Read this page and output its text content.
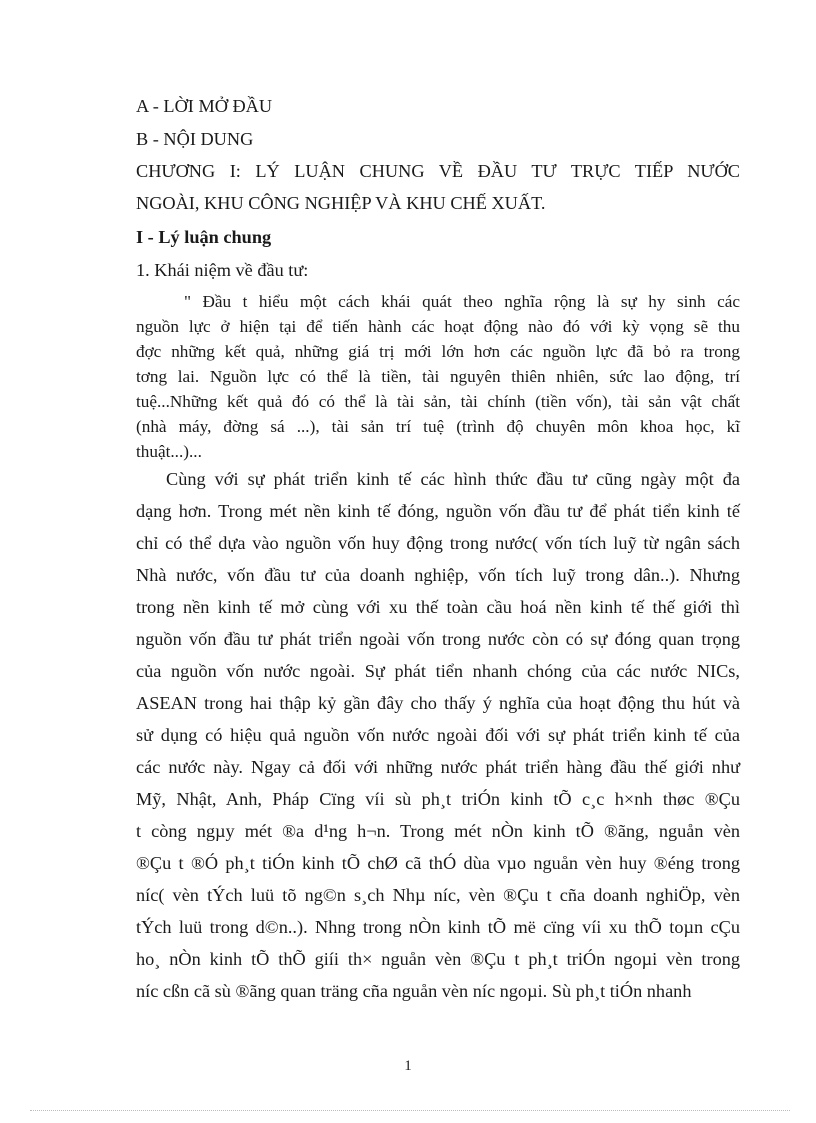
A - LỜI MỞ ĐẦU
B - NỘI DUNG
CHƯƠNG I: LÝ LUẬN CHUNG VỀ ĐẦU TƯ TRỰC TIẾP NƯỚC
NGOÀI, KHU CÔNG NGHIỆP VÀ KHU CHẾ XUẤT.
I - Lý luận chung
1. Khái niệm về đầu tư:
" Đầu t hiểu một cách khái quát theo nghĩa rộng là sự hy sinh các
nguồn lực ở hiện tại để tiến hành các hoạt động nào đó với kỳ vọng sẽ thu
đợc những kết quả, những giá trị mới lớn hơn các nguồn lực đã bỏ ra trong
tơng lai. Nguồn lực có thể là tiền, tài nguyên thiên nhiên, sức lao động, trí
tuệ...Những kết quả đó có thể là tài sản, tài chính (tiền vốn), tài sản vật chất
(nhà máy, đờng sá ...), tài sản trí tuệ (trình độ chuyên môn khoa học, kĩ
thuật...)...
Cùng với sự phát triển kinh tế các hình thức đầu tư cũng ngày một đa
dạng hơn. Trong mét nền kinh tế đóng, nguồn vốn đầu tư để phát tiển kinh tế
chỉ có thể dựa vào nguồn vốn huy động trong nước( vốn tích luỹ từ ngân sách
Nhà nước, vốn đầu tư của doanh nghiệp, vốn tích luỹ trong dân..). Nhưng
trong nền kinh tế mở cùng với xu thế toàn cầu hoá nền kinh tế thế giới thì
nguồn vốn đầu tư phát triển ngoài vốn trong nước còn có sự đóng quan trọng
của nguồn vốn nước ngoài. Sự phát tiển nhanh chóng của các nước NICs,
ASEAN trong hai thập kỷ gần đây cho thấy ý nghĩa của hoạt động thu hút và
sử dụng có hiệu quả nguồn vốn nước ngoài đối với sự phát triển kinh tế của
các nước này. Ngay cả đối với những nước phát triển hàng đầu thế giới như
Mỹ, Nhật, Anh, Pháp Cïng víi sù ph¸t triÓn kinh tÕ c¸c h×nh thøc ®Çu
t còng ngµy mét ®a d¹ng h¬n. Trong mét nÒn kinh tÕ ®ãng, nguån vèn
®Çu t ®Ó ph¸t tiÓn kinh tÕ chØ cã thÓ dùa vµo nguån vèn huy ®éng trong
níc( vèn tÝch luü tõ ng©n s¸ch Nhµ níc, vèn ®Çu t cña doanh nghiÖp, vèn
tÝch luü trong d©n..). Nhng trong nÒn kinh tÕ më cïng víi xu thÕ toµn cÇu
ho¸ nÒn kinh tÕ thÕ giíi th× nguån vèn ®Çu t ph¸t triÓn ngoµi vèn trong
níc cßn cã sù ®ãng quan träng cña nguån vèn níc ngoµi. Sù ph¸t tiÓn nhanh
1
